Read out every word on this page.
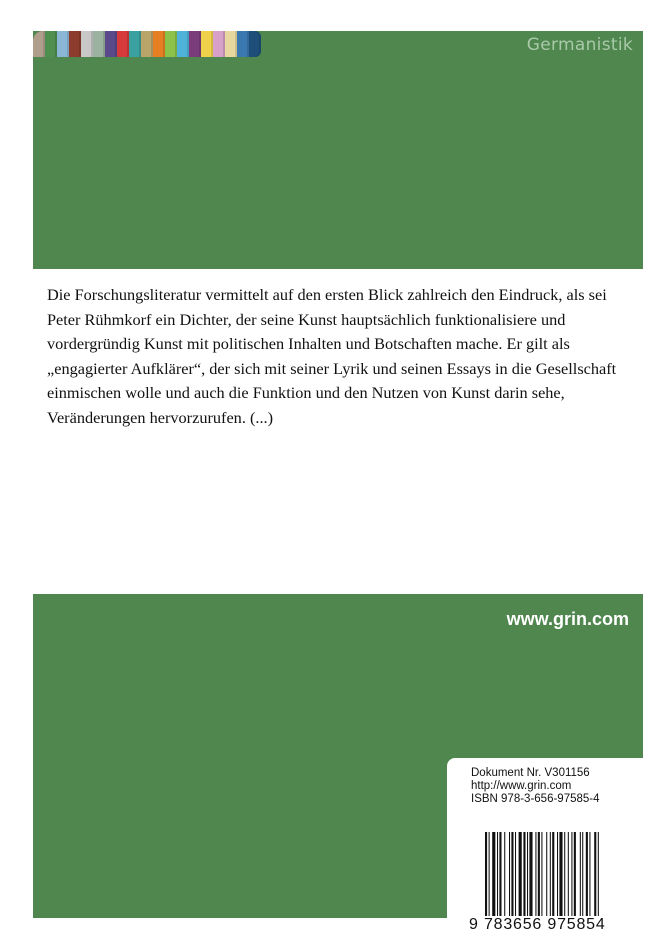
Germanistik
Die Forschungsliteratur vermittelt auf den ersten Blick zahlreich den Eindruck, als sei Peter Rühmkorf ein Dichter, der seine Kunst hauptsächlich funktionalisiere und vordergründig Kunst mit politischen Inhalten und Botschaften mache. Er gilt als „engagierter Aufklärer“, der sich mit seiner Lyrik und seinen Essays in die Gesellschaft einmischen wolle und auch die Funktion und den Nutzen von Kunst darin sehe, Veränderungen hervorzurufen. (...)
www.grin.com
Dokument Nr. V301156
http://www.grin.com
ISBN 978-3-656-97585-4
9 783656 975854
